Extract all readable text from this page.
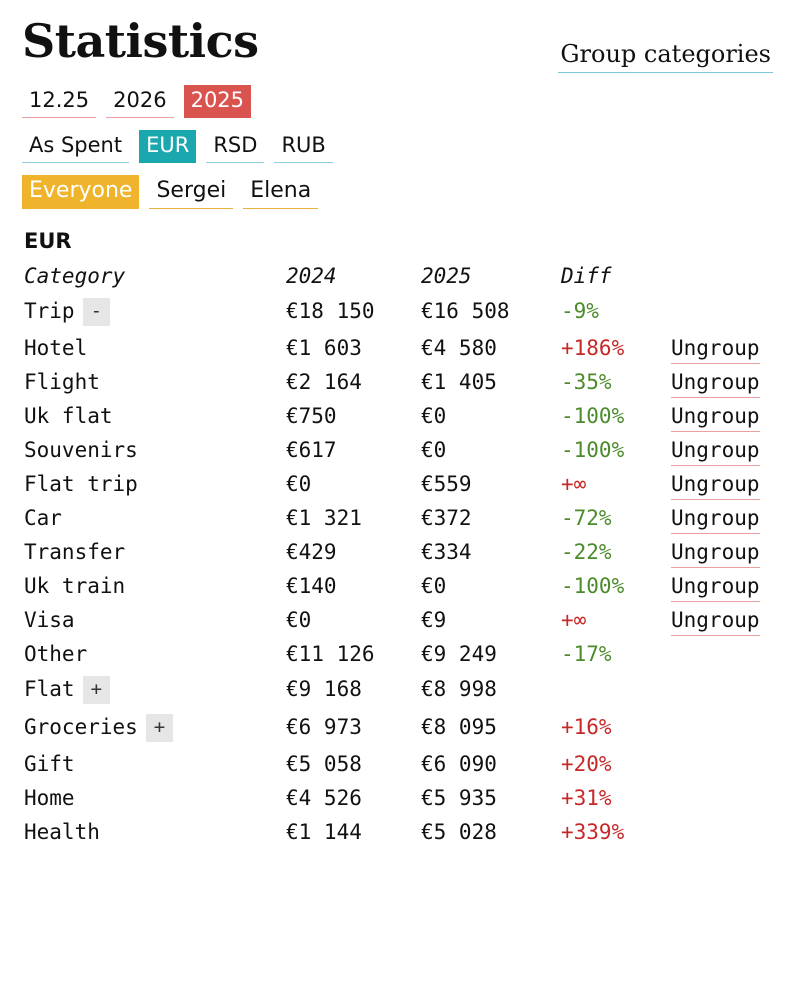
Statistics	Group categories
12.25	2026	2025
As Spent	EUR	RSD	RUB
Everyone	Sergei	Elena
EUR
Category	2024	2025	Diff	
Trip -	€18 150	€16 508	-9%	
Hotel	€1 603	€4 580	+186%	Ungroup
Flight	€2 164	€1 405	-35%	Ungroup
Uk flat	€750	€0	-100%	Ungroup
Souvenirs	€617	€0	-100%	Ungroup
Flat trip	€0	€559	+∞	Ungroup
Car	€1 321	€372	-72%	Ungroup
Transfer	€429	€334	-22%	Ungroup
Uk train	€140	€0	-100%	Ungroup
Visa	€0	€9	+∞	Ungroup
Other	€11 126	€9 249	-17%	
Flat +	€9 168	€8 998		
Groceries +	€6 973	€8 095	+16%	
Gift	€5 058	€6 090	+20%	
Home	€4 526	€5 935	+31%	
Health	€1 144	€5 028	+339%	
